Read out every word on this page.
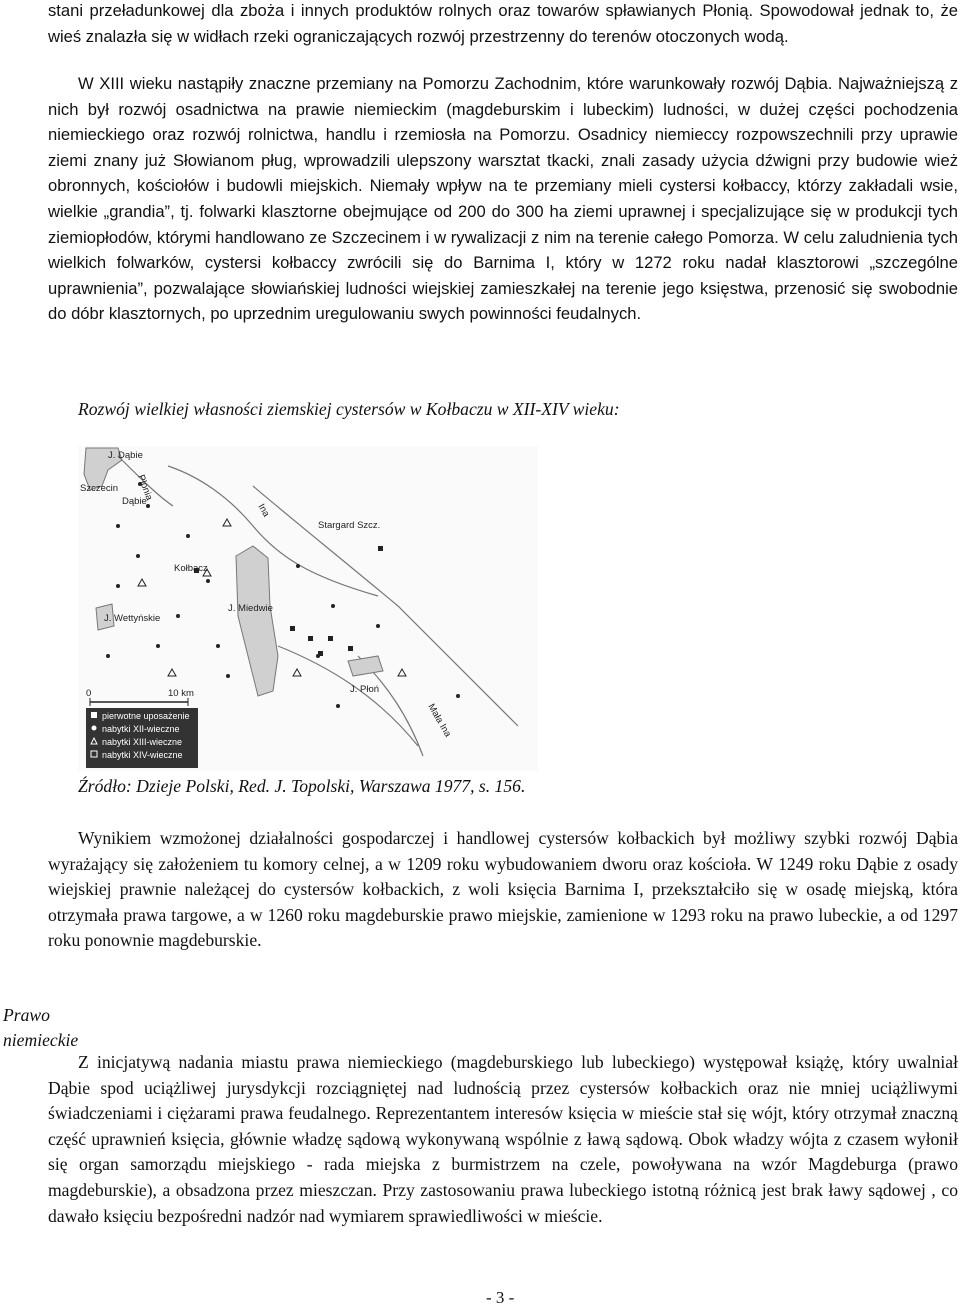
stani przeładunkowej dla zboża i innych produktów rolnych oraz towarów spławianych Płonią. Spowodował jednak to, że wieś znalazła się w widłach rzeki ograniczających rozwój przestrzenny do terenów otoczonych wodą.

W XIII wieku nastąpiły znaczne przemiany na Pomorzu Zachodnim, które warunkowały rozwój Dąbia. Najważniejszą z nich był rozwój osadnictwa na prawie niemieckim (magdeburskim i lubeckim) ludności, w dużej części pochodzenia niemieckiego oraz rozwój rolnictwa, handlu i rzemiosła na Pomorzu. Osadnicy niemieccy rozpowszechnili przy uprawie ziemi znany już Słowianom pług, wprowadzili ulepszony warsztat tkacki, znali zasady użycia dźwigni przy budowie wież obronnych, kościołów i budowli miejskich. Niemały wpływ na te przemiany mieli cystersi kołbaccy, którzy zakładali wsie, wielkie „grandia”, tj. folwarki klasztorne obejmujące od 200 do 300 ha ziemi uprawnej i specjalizujące się w produkcji tych ziemiopłodów, którymi handlowano ze Szczecinem i w rywalizacji z nim na terenie całego Pomorza. W celu zaludnienia tych wielkich folwarków, cystersi kołbaccy zwrócili się do Barnima I, który w 1272 roku nadał klasztorowi „szczególne uprawnienia”, pozwalające słowiańskiej ludności wiejskiej zamieszkałej na terenie jego księstwa, przenosić się swobodnie do dóbr klasztornych, po uprzednim uregulowaniu swych powinności feudalnych.

Rozwój wielkiej własności ziemskiej cystersów w Kołbaczu w XII-XIV wieku:

J. Dąbie
Szczecin
Dąbie
Płonia
Ina
Stargard Szcz.
Kołbacz
J. Miedwie
J. Wettyńskie
J. Płoń
Mała Ina
0	10 km
pierwotne uposażenie
nabytki XII-wieczne
nabytki XIII-wieczne
nabytki XIV-wieczne

Źródło: Dzieje Polski, Red. J. Topolski, Warszawa 1977, s. 156.

Wynikiem wzmożonej działalności gospodarczej i handlowej cystersów kołbackich był możliwy szybki rozwój Dąbia wyrażający się założeniem tu komory celnej, a w 1209 roku wybudowaniem dworu oraz kościoła. W 1249 roku Dąbie z osady wiejskiej prawnie należącej do cystersów kołbackich, z woli księcia Barnima I, przekształciło się w osadę miejską, która otrzymała prawa targowe, a w 1260 roku magdeburskie prawo miejskie, zamienione w 1293 roku na prawo lubeckie, a od 1297 roku ponownie magdeburskie.

Prawo
niemieckie

Z inicjatywą nadania miastu prawa niemieckiego (magdeburskiego lub lubeckiego) występował książę, który uwalniał Dąbie spod uciążliwej jurysdykcji rozciągniętej nad ludnością przez cystersów kołbackich oraz nie mniej uciążliwymi świadczeniami i ciężarami prawa feudalnego. Reprezentantem interesów księcia w mieście stał się wójt, który otrzymał znaczną część uprawnień księcia, głównie władzę sądową wykonywaną wspólnie z ławą sądową. Obok władzy wójta z czasem wyłonił się organ samorządu miejskiego - rada miejska z burmistrzem na czele, powoływana na wzór Magdeburga (prawo magdeburskie), a obsadzona przez mieszczan. Przy zastosowaniu prawa lubeckiego istotną różnicą jest brak ławy sądowej , co dawało księciu bezpośredni nadzór nad wymiarem sprawiedliwości w mieście.

- 3 -
